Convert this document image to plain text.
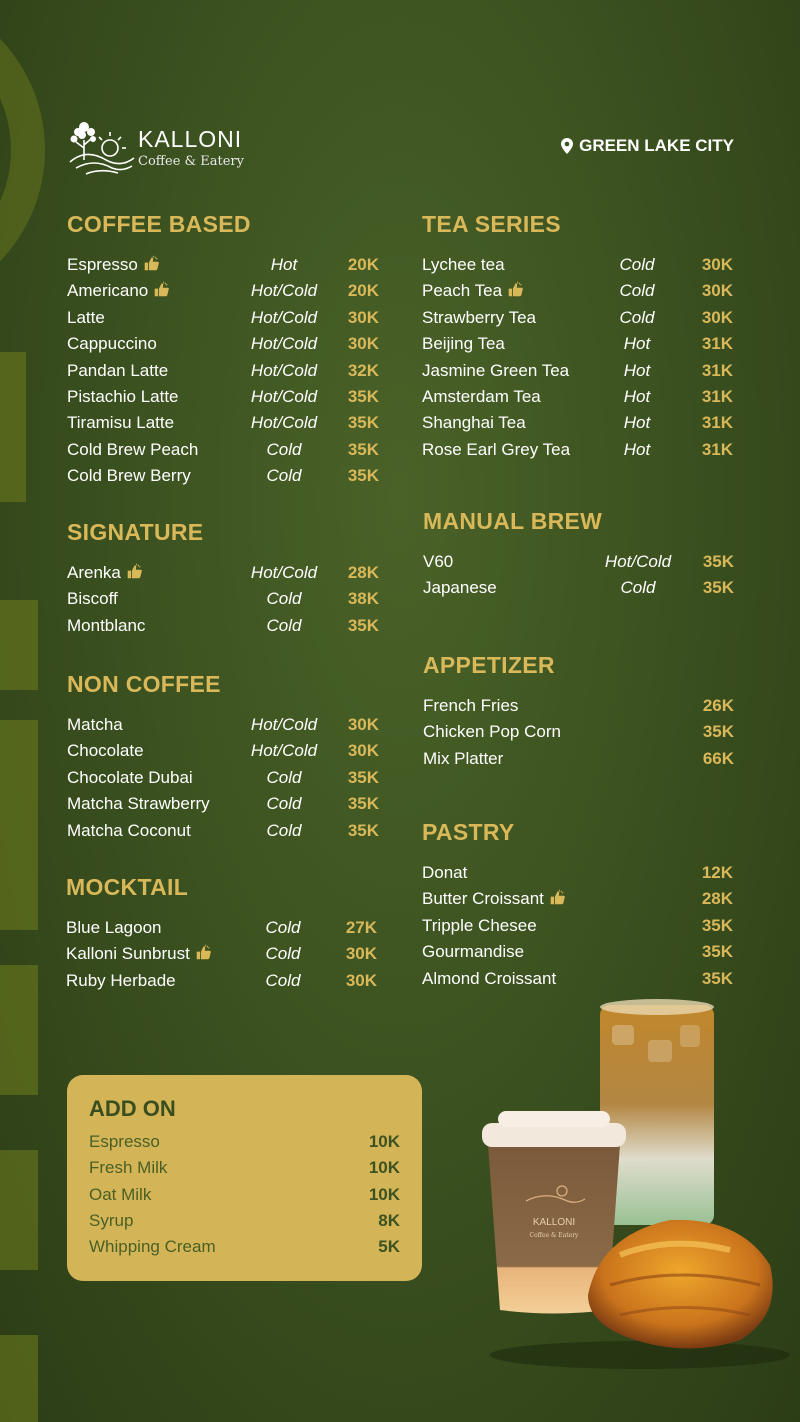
KALLONI
Coffee & Eatery
GREEN LAKE CITY
COFFEE BASED
Espresso	Hot	20K
Americano	Hot/Cold	20K
Latte	Hot/Cold	30K
Cappuccino	Hot/Cold	30K
Pandan Latte	Hot/Cold	32K
Pistachio Latte	Hot/Cold	35K
Tiramisu Latte	Hot/Cold	35K
Cold Brew Peach	Cold	35K
Cold Brew Berry	Cold	35K
SIGNATURE
Arenka	Hot/Cold	28K
Biscoff	Cold	38K
Montblanc	Cold	35K
NON COFFEE
Matcha	Hot/Cold	30K
Chocolate	Hot/Cold	30K
Chocolate Dubai	Cold	35K
Matcha Strawberry	Cold	35K
Matcha Coconut	Cold	35K
MOCKTAIL
Blue Lagoon	Cold	27K
Kalloni Sunbrust	Cold	30K
Ruby Herbade	Cold	30K
TEA SERIES
Lychee tea	Cold	30K
Peach Tea	Cold	30K
Strawberry Tea	Cold	30K
Beijing Tea	Hot	31K
Jasmine Green Tea	Hot	31K
Amsterdam Tea	Hot	31K
Shanghai Tea	Hot	31K
Rose Earl Grey Tea	Hot	31K
MANUAL BREW
V60	Hot/Cold	35K
Japanese	Cold	35K
APPETIZER
French Fries	26K
Chicken Pop Corn	35K
Mix Platter	66K
PASTRY
Donat	12K
Butter Croissant	28K
Tripple Chesee	35K
Gourmandise	35K
Almond Croissant	35K
ADD ON
Espresso	10K
Fresh Milk	10K
Oat Milk	10K
Syrup	8K
Whipping Cream	5K
KALLONI
Coffee & Eatery
